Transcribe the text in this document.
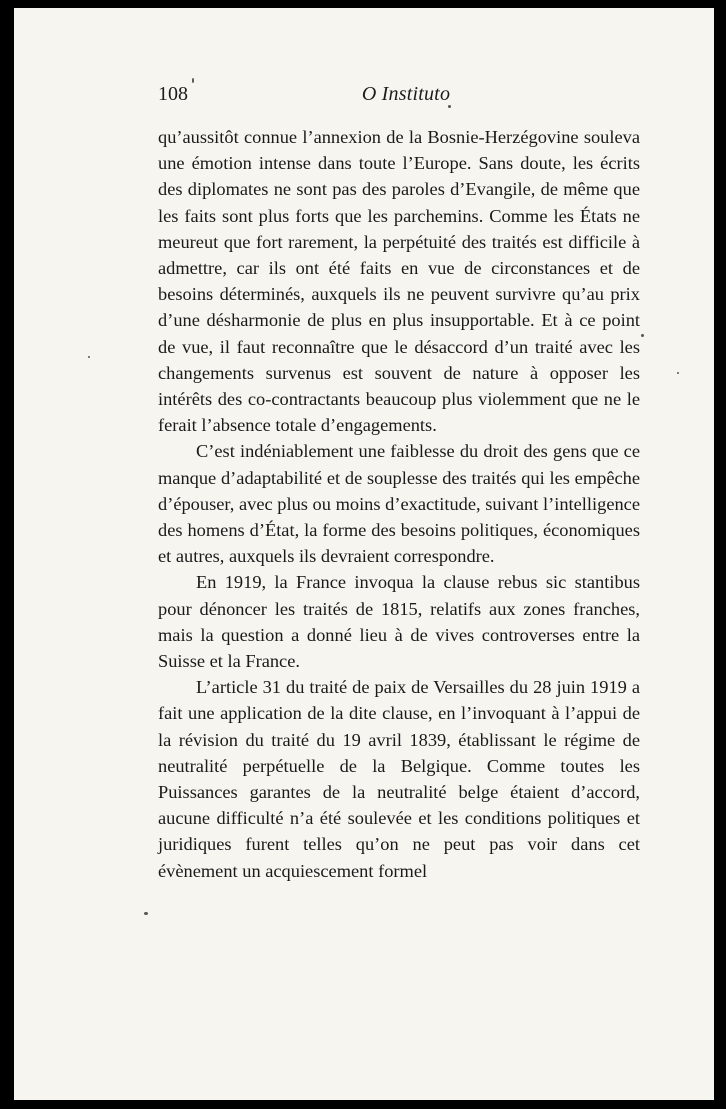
108	O Instituto

qu’aussitôt connue l’annexion de la Bosnie-Herzégovine souleva une émotion intense dans toute l’Europe. Sans doute, les écrits des diplomates ne sont pas des paroles d’Evangile, de même que les faits sont plus forts que les parchemins. Comme les États ne meureut que fort rarement, la perpétuité des traités est difficile à admettre, car ils ont été faits en vue de circonstances et de besoins déterminés, auxquels ils ne peuvent survivre qu’au prix d’une désharmonie de plus en plus insupportable. Et à ce point de vue, il faut reconnaître que le désaccord d’un traité avec les changements survenus est souvent de nature à opposer les intérêts des co-contractants beaucoup plus violemment que ne le ferait l’absence totale d’engagements.

C’est indéniablement une faiblesse du droit des gens que ce manque d’adaptabilité et de souplesse des traités qui les empêche d’épouser, avec plus ou moins d’exactitude, suivant l’intelligence des homens d’État, la forme des besoins politiques, économiques et autres, auxquels ils devraient correspondre.

En 1919, la France invoqua la clause rebus sic stantibus pour dénoncer les traités de 1815, relatifs aux zones franches, mais la question a donné lieu à de vives controverses entre la Suisse et la France.

L’article 31 du traité de paix de Versailles du 28 juin 1919 a fait une application de la dite clause, en l’invoquant à l’appui de la révision du traité du 19 avril 1839, établissant le régime de neutralité perpétuelle de la Belgique. Comme toutes les Puissances garantes de la neutralité belge étaient d’accord, aucune difficulté n’a été soulevée et les conditions politiques et juridiques furent telles qu’on ne peut pas voir dans cet évènement un acquiescement formel
